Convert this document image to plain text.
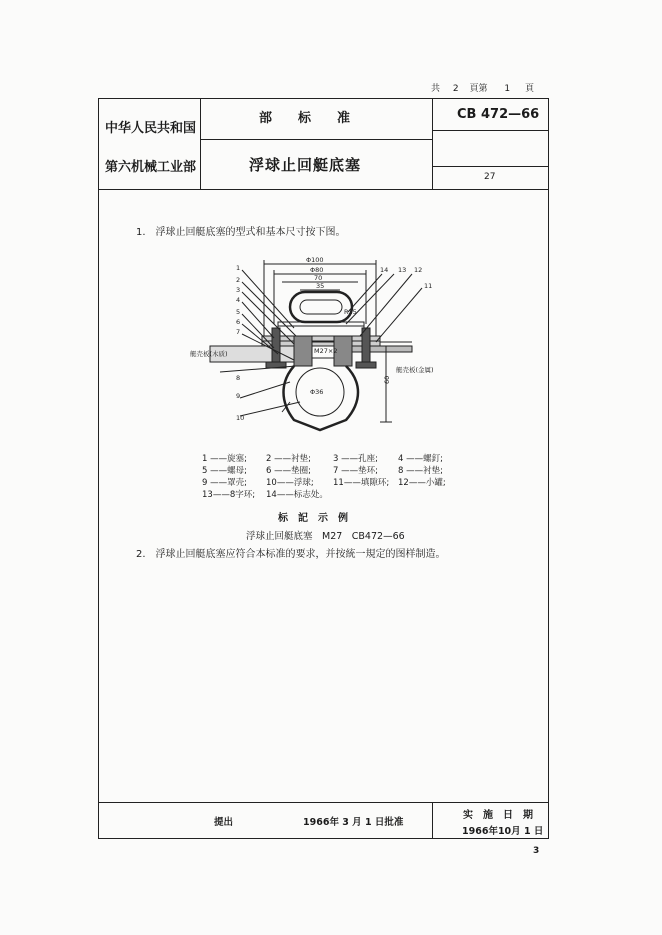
共 2 頁第 1 頁
中华人民共和国
第六机械工业部
部　　标　　准
浮球止回艇底塞
CB 472—66
27
1.　浮球止回艇底塞的型式和基本尺寸按下图。
Φ100
Φ80
70
35
R25
M27×2
Φ36
60
1
2
3
4
5
6
7
8
9
10
11
12
13
14
艇壳板(木质)
艇壳板(金属)
1 ——旋塞; 2 ——衬垫;	3 ——孔座; 4 ——螺釘;
5 ——螺母; 6 ——垫圈;	7 ——垫环; 8 ——衬垫;
9 ——罩壳; 10——浮球; 11——填隙环; 12——小罐;
13——8字环; 14——标志处。
标　記　示　例
浮球止回艇底塞　M27　CB472—66
2.　浮球止回艇底塞应符合本标准的要求，并按統一規定的图样制造。
提出	1966年 3 月 1 日批准
实　施　日　期
1966年10月 1 日
3
